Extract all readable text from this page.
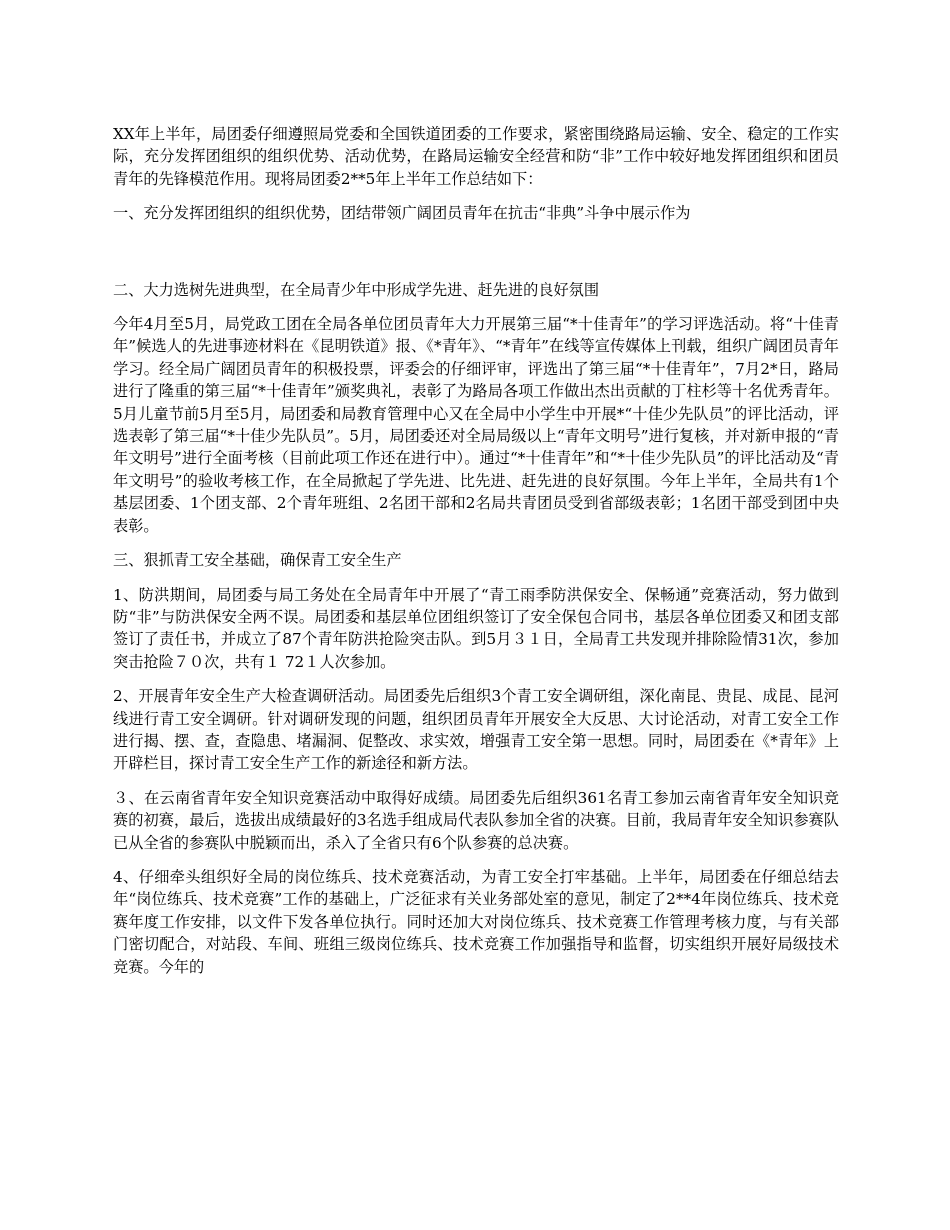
XX年上半年，局团委仔细遵照局党委和全国铁道团委的工作要求，紧密围绕路局运输、安全、稳定的工作实际，充分发挥团组织的组织优势、活动优势，在路局运输安全经营和防“非”工作中较好地发挥团组织和团员青年的先锋模范作用。现将局团委2**5年上半年工作总结如下：

一、充分发挥团组织的组织优势，团结带领广阔团员青年在抗击“非典”斗争中展示作为

二、大力选树先进典型，在全局青少年中形成学先进、赶先进的良好氛围

今年4月至5月，局党政工团在全局各单位团员青年大力开展第三届“*十佳青年”的学习评选活动。将“十佳青年”候选人的先进事迹材料在《昆明铁道》报、《*青年》、“*青年”在线等宣传媒体上刊载，组织广阔团员青年学习。经全局广阔团员青年的积极投票，评委会的仔细评审，评选出了第三届“*十佳青年”，7月2*日，路局进行了隆重的第三届“*十佳青年”颁奖典礼，表彰了为路局各项工作做出杰出贡献的丁柱杉等十名优秀青年。5月儿童节前5月至5月，局团委和局教育管理中心又在全局中小学生中开展*“十佳少先队员”的评比活动，评选表彰了第三届“*十佳少先队员”。5月，局团委还对全局局级以上“青年文明号”进行复核，并对新申报的“青年文明号”进行全面考核（目前此项工作还在进行中）。通过“*十佳青年”和“*十佳少先队员”的评比活动及“青年文明号”的验收考核工作，在全局掀起了学先进、比先进、赶先进的良好氛围。今年上半年，全局共有1个基层团委、1个团支部、2个青年班组、2名团干部和2名局共青团员受到省部级表彰；1名团干部受到团中央表彰。

三、狠抓青工安全基础，确保青工安全生产

1、防洪期间，局团委与局工务处在全局青年中开展了“青工雨季防洪保安全、保畅通”竞赛活动，努力做到防“非”与防洪保安全两不误。局团委和基层单位团组织签订了安全保包合同书，基层各单位团委又和团支部签订了责任书，并成立了87个青年防洪抢险突击队。到5月３１日，全局青工共发现并排除险情31次，参加突击抢险７０次，共有１ 72１人次参加。

2、开展青年安全生产大检查调研活动。局团委先后组织3个青工安全调研组，深化南昆、贵昆、成昆、昆河线进行青工安全调研。针对调研发现的问题，组织团员青年开展安全大反思、大讨论活动，对青工安全工作进行揭、摆、查，查隐患、堵漏洞、促整改、求实效，增强青工安全第一思想。同时，局团委在《*青年》上开辟栏目，探讨青工安全生产工作的新途径和新方法。

３、在云南省青年安全知识竞赛活动中取得好成绩。局团委先后组织361名青工参加云南省青年安全知识竞赛的初赛，最后，选拔出成绩最好的3名选手组成局代表队参加全省的决赛。目前，我局青年安全知识参赛队已从全省的参赛队中脱颖而出，杀入了全省只有6个队参赛的总决赛。

4、仔细牵头组织好全局的岗位练兵、技术竞赛活动，为青工安全打牢基础。上半年，局团委在仔细总结去年“岗位练兵、技术竞赛”工作的基础上，广泛征求有关业务部处室的意见，制定了2**4年岗位练兵、技术竞赛年度工作安排，以文件下发各单位执行。同时还加大对岗位练兵、技术竞赛工作管理考核力度，与有关部门密切配合，对站段、车间、班组三级岗位练兵、技术竞赛工作加强指导和监督，切实组织开展好局级技术竞赛。今年的
